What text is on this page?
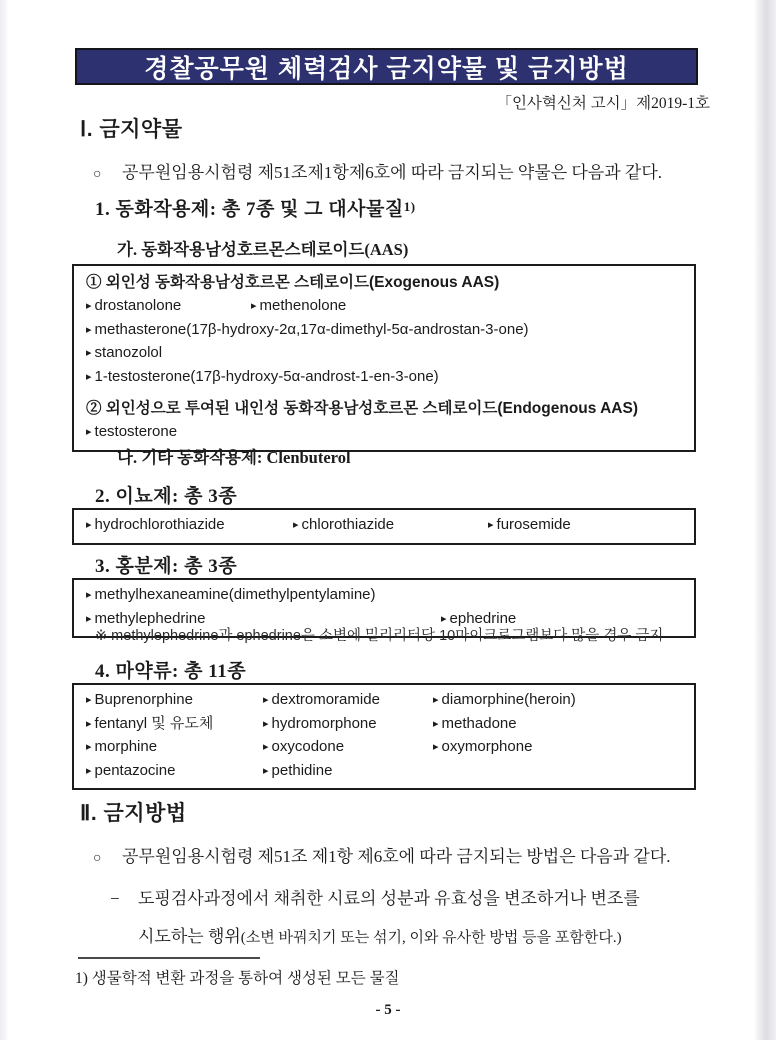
경찰공무원 체력검사 금지약물 및 금지방법
「인사혁신처 고시」제2019-1호
Ⅰ. 금지약물
○ 공무원임용시험령 제51조제1항제6호에 따라 금지되는 약물은 다음과 같다.
1. 동화작용제: 총 7종 및 그 대사물질$^{1)}$
가. 동화작용남성호르몬스테로이드(AAS)
① 외인성 동화작용남성호르몬 스테로이드(Exogenous AAS)
▸ drostanolone	▸ methenolone
▸ methasterone(17β-hydroxy-2α,17α-dimethyl-5α-androstan-3-one)
▸ stanozolol
▸ 1-testosterone(17β-hydroxy-5α-androst-1-en-3-one)
② 외인성으로 투여된 내인성 동화작용남성호르몬 스테로이드(Endogenous AAS)
▸ testosterone
나. 기타 동화작용제: Clenbuterol
2. 이뇨제: 총 3종
▸ hydrochlorothiazide	▸ chlorothiazide	▸ furosemide
3. 홍분제: 총 3종
▸ methylhexaneamine(dimethylpentylamine)
▸ methylephedrine	▸ ephedrine
※ methylephedrine과 ephedrine은 소변에 밀리리터당 10마이크로그램보다 많을 경우 금지
4. 마약류: 총 11종
▸ Buprenorphine	▸ dextromoramide	▸ diamorphine(heroin)
▸ fentanyl 및 유도체	▸ hydromorphone	▸ methadone
▸ morphine	▸ oxycodone	▸ oxymorphone
▸ pentazocine	▸ pethidine
Ⅱ. 금지방법
○ 공무원임용시험령 제51조 제1항 제6호에 따라 금지되는 방법은 다음과 같다.
− 도핑검사과정에서 채취한 시료의 성분과 유효성을 변조하거나 변조를
시도하는 행위(소변 바꿔치기 또는 섞기, 이와 유사한 방법 등을 포함한다.)
1) 생물학적 변환 과정을 통하여 생성된 모든 물질
- 5 -
